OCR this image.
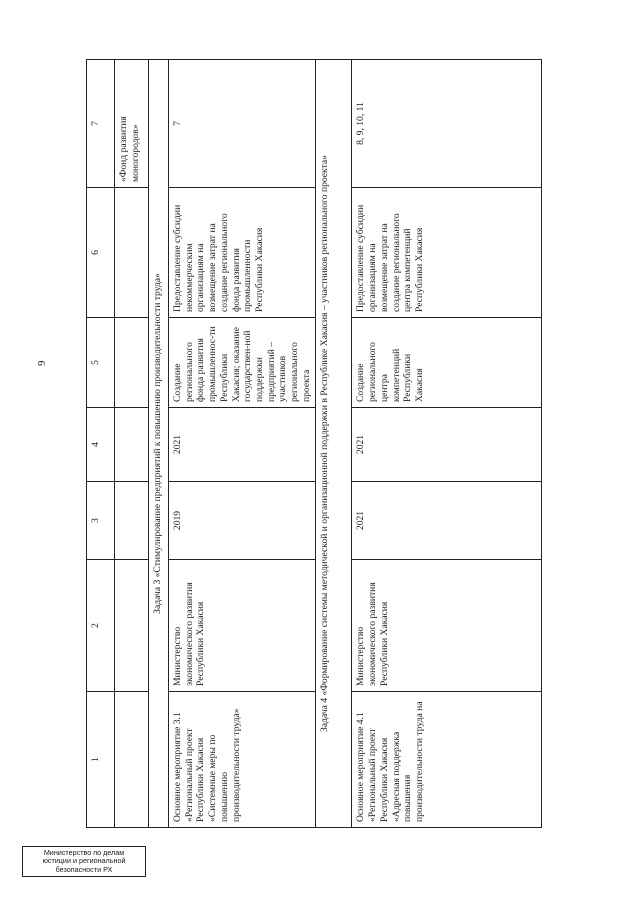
9
1	2	3	4	5	6	7
						«Фонд развития моногородов»
Задача 3 «Стимулирование предприятий к повышению производительности труда»						
Основное мероприятие 3.1 «Региональный проект Республики Хакасия «Системные меры по повышению производительности труда»	Министерство экономического развития Республики Хакасия	2019	2021	Создание регионального фонда развития промышленнос-ти Республики Хакасия; оказание государствен-ной поддержки предприятий – участников регионального проекта	Предоставление субсидии некоммерческим организациям на возмещение затрат на создание регионального фонда развития промышленности Республики Хакасия	7
Задача 4 «Формирование системы методической и организационной поддержки в Республике Хакасия – участников регионального проекта»						
Основное мероприятие 4.1 «Региональный проект Республики Хакасия «Адресная поддержка повышения производительности труда на	Министерство экономического развития Республики Хакасия	2021	2021	Создание регионального центра компетенций Республики Хакасия	Предоставление субсидии организациям на возмещение затрат на создание регионального центра компетенций Республики Хакасия	8, 9, 10, 11
Министерство по делам
юстиции и региональной
безопасности РХ
